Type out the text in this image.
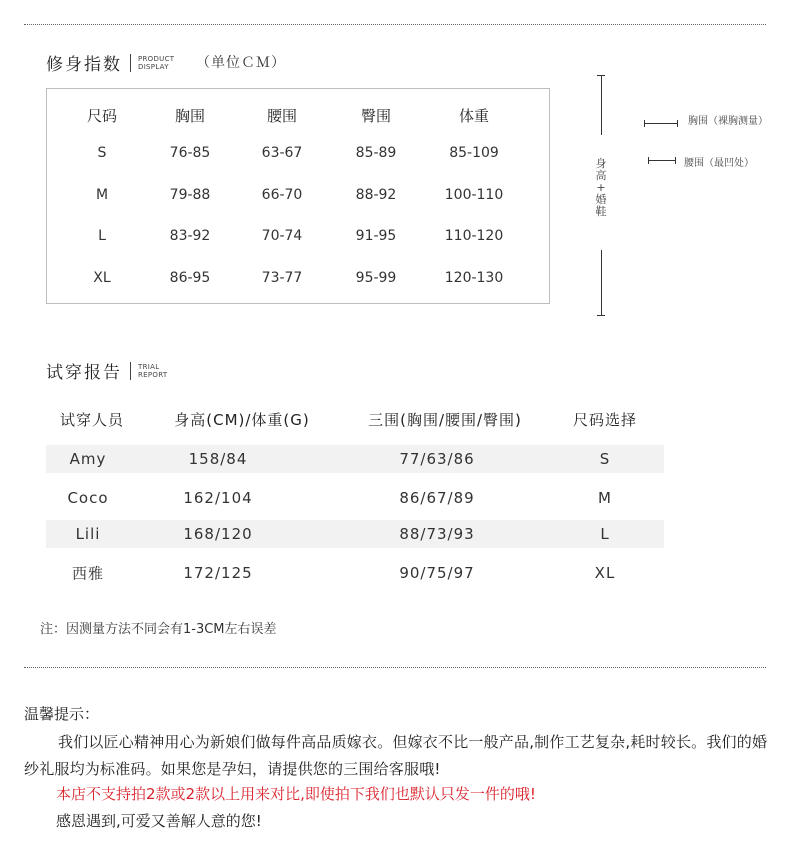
修身指数 PRODUCT
DISPLAY	（单位ＣＭ）
尺码	胸围	腰围	臀围	体重
S	76-85	63-67	85-89	85-109
M	79-88	66-70	88-92	100-110
L	83-92	70-74	91-95	110-120
XL	86-95	73-77	95-99	120-130
身
高
+
婚
鞋
胸围（裸胸测量）
腰围（最凹处）
试穿报告 TRIAL
REPORT
试穿人员	身高(CM)/体重(G)	三围(胸围/腰围/臀围)	尺码选择
Amy	158/84	77/63/86	S
Coco	162/104	86/67/89	M
Lili	168/120	88/73/93	L
西雅	172/125	90/75/97	XL
注：因测量方法不同会有1-3CM左右误差
温馨提示：
我们以匠心精神用心为新娘们做每件高品质嫁衣。但嫁衣不比一般产品,制作工艺复杂,耗时较长。我们的婚纱礼服均为标准码。如果您是孕妇，请提供您的三围给客服哦!
本店不支持拍2款或2款以上用来对比,即使拍下我们也默认只发一件的哦!
感恩遇到,可爱又善解人意的您!
